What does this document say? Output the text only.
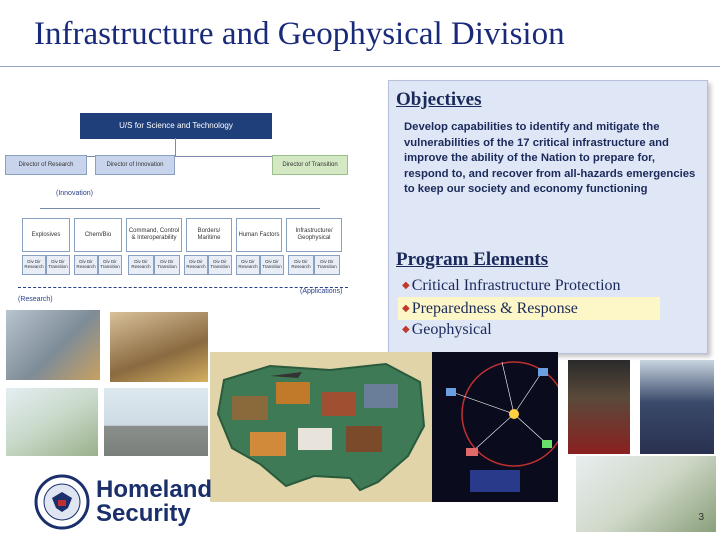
Infrastructure and Geophysical Division
U/S for Science and Technology
Director of Research	Director of Innovation	Director of Transition
(Innovation)
Explosives	Chem/Bio
Command, Control & Interoperability
Borders/ Maritime
Human Factors
Infrastructure/ Geophysical
Div Dir Research
Div Dir Transition
Div Dir Research
Div Dir Transition
Div Dir Research
Div Dir Transition
Div Dir Research
Div Dir Transition
Div Dir Research
Div Dir Transition
Div Dir Research
Div Dir Transition
(Research)
(Applications)
Objectives
Develop capabilities to identify and mitigate the vulnerabilities of the 17 critical infrastructure and improve the ability of the Nation to prepare for, respond to, and recover from all-hazards emergencies to keep our society and economy functioning
Program Elements
◆ Critical Infrastructure Protection
◆ Preparedness & Response
◆ Geophysical
Homeland
Security	3
